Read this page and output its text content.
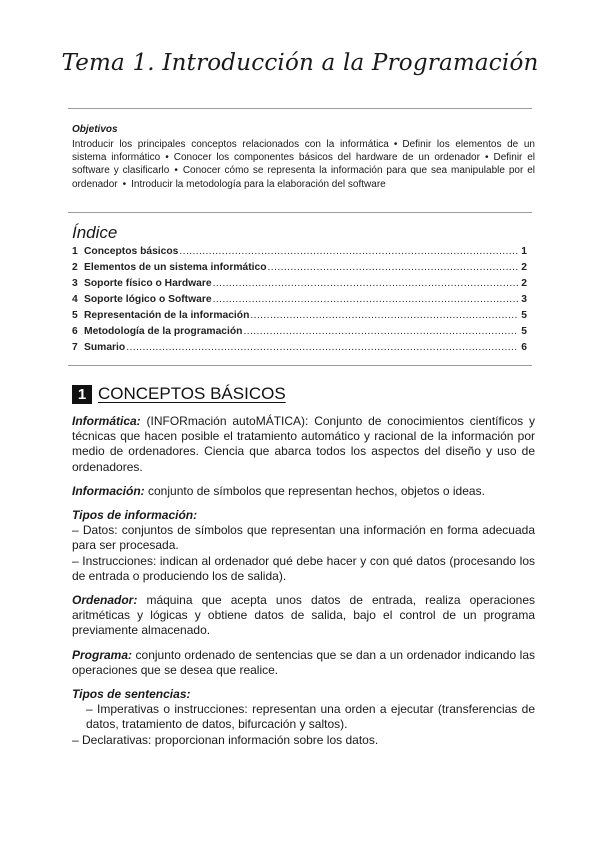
Tema 1. Introducción a la Programación
Objetivos
Introducir los principales conceptos relacionados con la informática • Definir los elementos de un sistema informático • Conocer los componentes básicos del hardware de un ordenador • Definir el software y clasificarlo • Conocer cómo se representa la información para que sea manipulable por el ordenador • Introducir la metodología para la elaboración del software
Índice
1 Conceptos básicos .....	1
2 Elementos de un sistema informático .....	2
3 Soporte físico o Hardware .....	2
4 Soporte lógico o Software .....	3
5 Representación de la información .....	5
6 Metodología de la programación .....	5
7 Sumario .....	6
1 CONCEPTOS BÁSICOS

Informática: (INFORmación autoMÁTICA): Conjunto de conocimientos científicos y técnicas que hacen posible el tratamiento automático y racional de la información por medio de ordenadores. Ciencia que abarca todos los aspectos del diseño y uso de ordenadores.

Información: conjunto de símbolos que representan hechos, objetos o ideas.

Tipos de información:
– Datos: conjuntos de símbolos que representan una información en forma adecuada para ser procesada.
– Instrucciones: indican al ordenador qué debe hacer y con qué datos (procesando los de entrada o produciendo los de salida).

Ordenador: máquina que acepta unos datos de entrada, realiza operaciones aritméticas y lógicas y obtiene datos de salida, bajo el control de un programa previamente almacenado.

Programa: conjunto ordenado de sentencias que se dan a un ordenador indicando las operaciones que se desea que realice.

Tipos de sentencias:
– Imperativas o instrucciones: representan una orden a ejecutar (transferencias de datos, tratamiento de datos, bifurcación y saltos).
– Declarativas: proporcionan información sobre los datos.
